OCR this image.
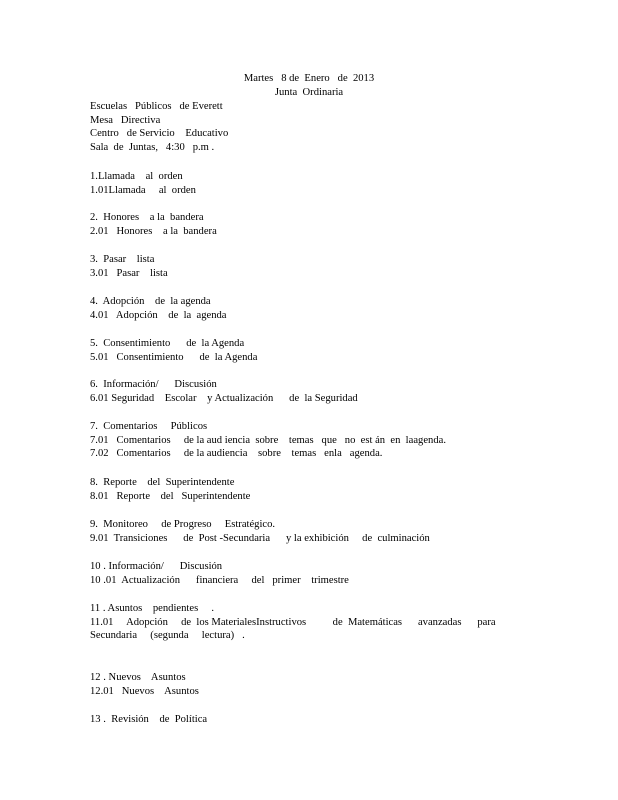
Martes   8 de  Enero   de  2013
Junta  Ordinaria
Escuelas   Públicos   de Everett
Mesa   Directiva
Centro   de Servicio    Educativo
Sala  de  Juntas,   4:30   p.m .
1.Llamada    al  orden
1.01Llamada     al  orden
2.  Honores    a la  bandera
2.01   Honores    a la  bandera
3.  Pasar    lista
3.01   Pasar    lista
4.  Adopción    de  la agenda
4.01   Adopción    de  la  agenda
5.  Consentimiento      de  la Agenda
5.01   Consentimiento      de  la Agenda
6.  Información/      Discusión
6.01 Seguridad    Escolar    y Actualización      de  la Seguridad
7.  Comentarios     Públicos
7.01   Comentarios     de la aud iencia  sobre    temas   que   no  est án  en  laagenda.
7.02   Comentarios     de la audiencia    sobre    temas   enla   agenda.
8.  Reporte    del  Superintendente
8.01   Reporte    del   Superintendente
9.  Monitoreo     de Progreso     Estratégico.
9.01  Transiciones      de  Post -Secundaria      y la exhibición     de  culminación
10 . Información/      Discusión
10 .01  Actualización      financiera     del   primer    trimestre
11 . Asuntos    pendientes     .
11.01     Adopción     de  los MaterialesInstructivos          de  Matemáticas      avanzadas      para
Secundaria     (segunda     lectura)   .
12 . Nuevos    Asuntos
12.01   Nuevos    Asuntos
13 .  Revisión    de  Política
